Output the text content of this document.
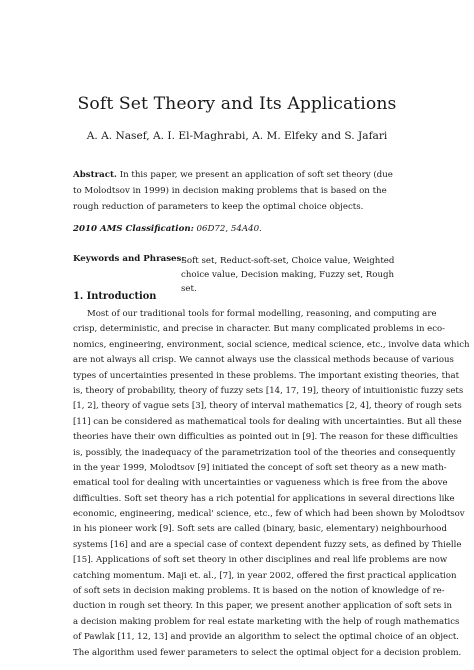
Soft Set Theory and Its Applications
A. A. Nasef, A. I. El-Maghrabi, A. M. Elfeky and S. Jafari
Abstract. In this paper, we present an application of soft set theory (due to Molodtsov in 1999) in decision making problems that is based on the rough reduction of parameters to keep the optimal choice objects.
2010 AMS Classification: 06D72, 54A40.
Keywords and Phrases:
Soft set, Reduct-soft-set, Choice value, Weighted choice value, Decision making, Fuzzy set, Rough set.
1. Introduction
Most of our traditional tools for formal modelling, reasoning, and computing are
crisp, deterministic, and precise in character. But many complicated problems in eco-
nomics, engineering, environment, social science, medical science, etc., involve data which
are not always all crisp. We cannot always use the classical methods because of various
types of uncertainties presented in these problems. The important existing theories, that
is, theory of probability, theory of fuzzy sets [14, 17, 19], theory of intuitionistic fuzzy sets
[1, 2], theory of vague sets [3], theory of interval mathematics [2, 4], theory of rough sets
[11] can be considered as mathematical tools for dealing with uncertainties. But all these
theories have their own difficulties as pointed out in [9]. The reason for these difficulties
is, possibly, the inadequacy of the parametrization tool of the theories and consequently
in the year 1999, Molodtsov [9] initiated the concept of soft set theory as a new math-
ematical tool for dealing with uncertainties or vagueness which is free from the above
difficulties. Soft set theory has a rich potential for applications in several directions like
economic, engineering, medical' science, etc., few of which had been shown by Molodtsov
in his pioneer work [9]. Soft sets are called (binary, basic, elementary) neighbourhood
systems [16] and are a special case of context dependent fuzzy sets, as defined by Thielle
[15]. Applications of soft set theory in other disciplines and real life problems are now
catching momentum. Maji et. al., [7], in year 2002, offered the first practical application
of soft sets in decision making problems. It is based on the notion of knowledge of re-
duction in rough set theory. In this paper, we present another application of soft sets in
a decision making problem for real estate marketing with the help of rough mathematics
of Pawlak [11, 12, 13] and provide an algorithm to select the optimal choice of an object.
The algorithm used fewer parameters to select the optimal object for a decision problem.
